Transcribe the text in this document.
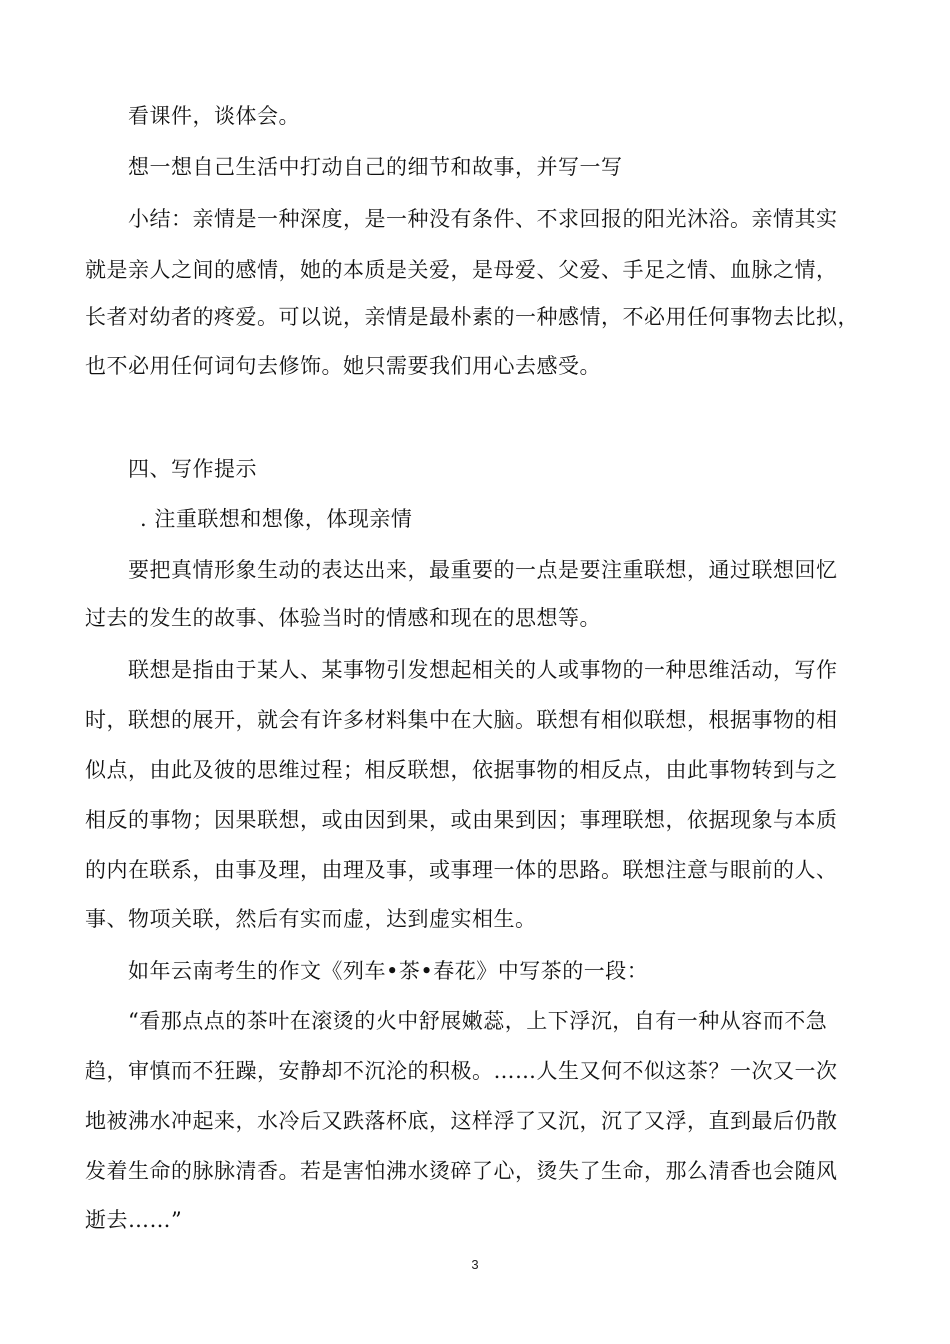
看课件，谈体会。
想一想自己生活中打动自己的细节和故事，并写一写
小结：亲情是一种深度，是一种没有条件、不求回报的阳光沐浴。亲情其实
就是亲人之间的感情，她的本质是关爱，是母爱、父爱、手足之情、血脉之情，
长者对幼者的疼爱。可以说，亲情是最朴素的一种感情，不必用任何事物去比拟，
也不必用任何词句去修饰。她只需要我们用心去感受。
四、写作提示
. 注重联想和想像，体现亲情
要把真情形象生动的表达出来，最重要的一点是要注重联想，通过联想回忆
过去的发生的故事、体验当时的情感和现在的思想等。
联想是指由于某人、某事物引发想起相关的人或事物的一种思维活动，写作
时，联想的展开，就会有许多材料集中在大脑。联想有相似联想，根据事物的相
似点，由此及彼的思维过程；相反联想，依据事物的相反点，由此事物转到与之
相反的事物；因果联想，或由因到果，或由果到因；事理联想，依据现象与本质
的内在联系，由事及理，由理及事，或事理一体的思路。联想注意与眼前的人、
事、物项关联，然后有实而虚，达到虚实相生。
如年云南考生的作文《列车•茶•春花》中写茶的一段：
“看那点点的茶叶在滚烫的火中舒展嫩蕊，上下浮沉，自有一种从容而不急
趋，审慎而不狂躁，安静却不沉沦的积极。……人生又何不似这茶？一次又一次
地被沸水冲起来，水冷后又跌落杯底，这样浮了又沉，沉了又浮，直到最后仍散
发着生命的脉脉清香。若是害怕沸水烫碎了心，烫失了生命，那么清香也会随风
逝去……”
3
